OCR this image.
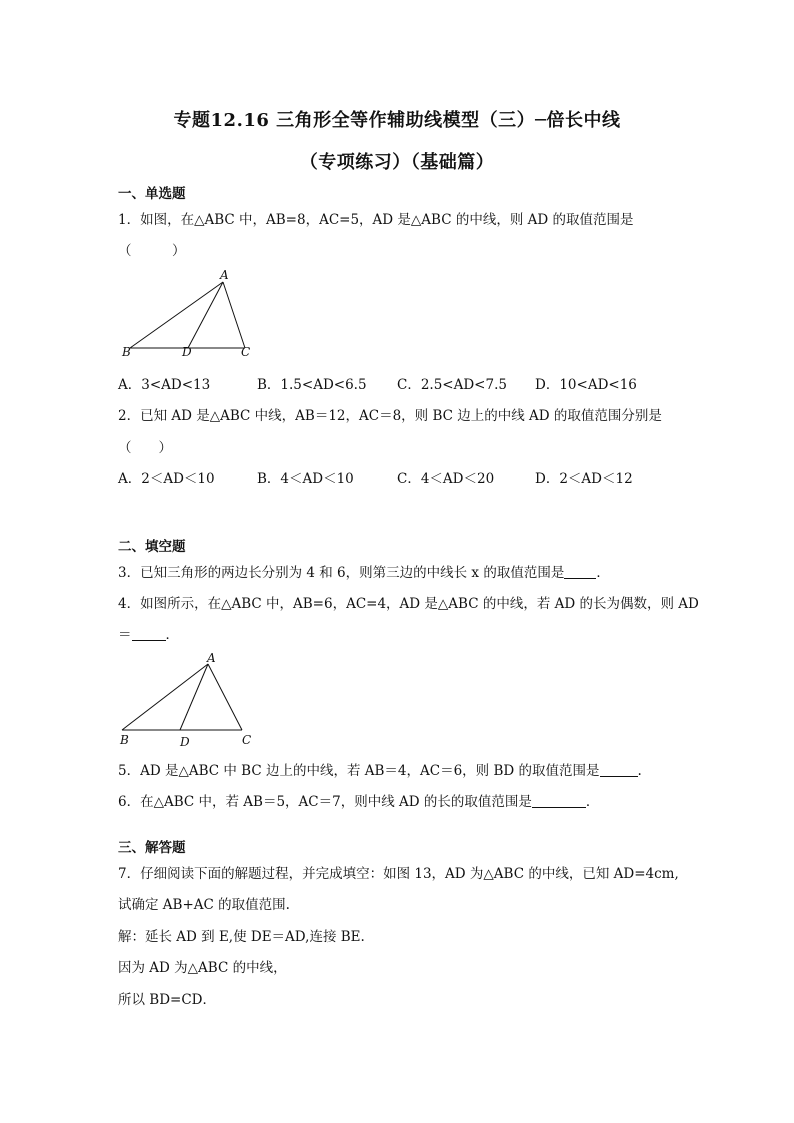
专题12.16 三角形全等作辅助线模型（三）─倍长中线
（专项练习）（基础篇）
一、单选题
1．如图，在△ABC 中，AB=8，AC=5，AD 是△ABC 的中线，则 AD 的取值范围是
（　　　）
A
B	D	C
A．3<AD<13	B．1.5<AD<6.5 C．2.5<AD<7.5 D．10<AD<16
2．已知 AD 是△ABC 中线，AB＝12，AC＝8，则 BC 边上的中线 AD 的取值范围分别是
（　　）
A．2＜AD＜10	B．4＜AD＜10	C．4＜AD＜20	D．2＜AD＜12
二、填空题
3．已知三角形的两边长分别为 4 和 6，则第三边的中线长 x 的取值范围是 ．
4．如图所示，在△ABC 中，AB=6，AC=4，AD 是△ABC 的中线，若 AD 的长为偶数，则 AD
＝	．
A
B	D	C
5．AD 是△ABC 中 BC 边上的中线，若 AB＝4，AC＝6，则 BD 的取值范围是	.
6．在△ABC 中，若 AB＝5，AC＝7，则中线 AD 的长的取值范围是	．
三、解答题
7．仔细阅读下面的解题过程，并完成填空：如图 13，AD 为△ABC 的中线，已知 AD=4cm,
试确定 AB+AC 的取值范围.
解：延长 AD 到 E,使 DE＝AD,连接 BE.
因为 AD 为△ABC 的中线，
所以 BD=CD．
